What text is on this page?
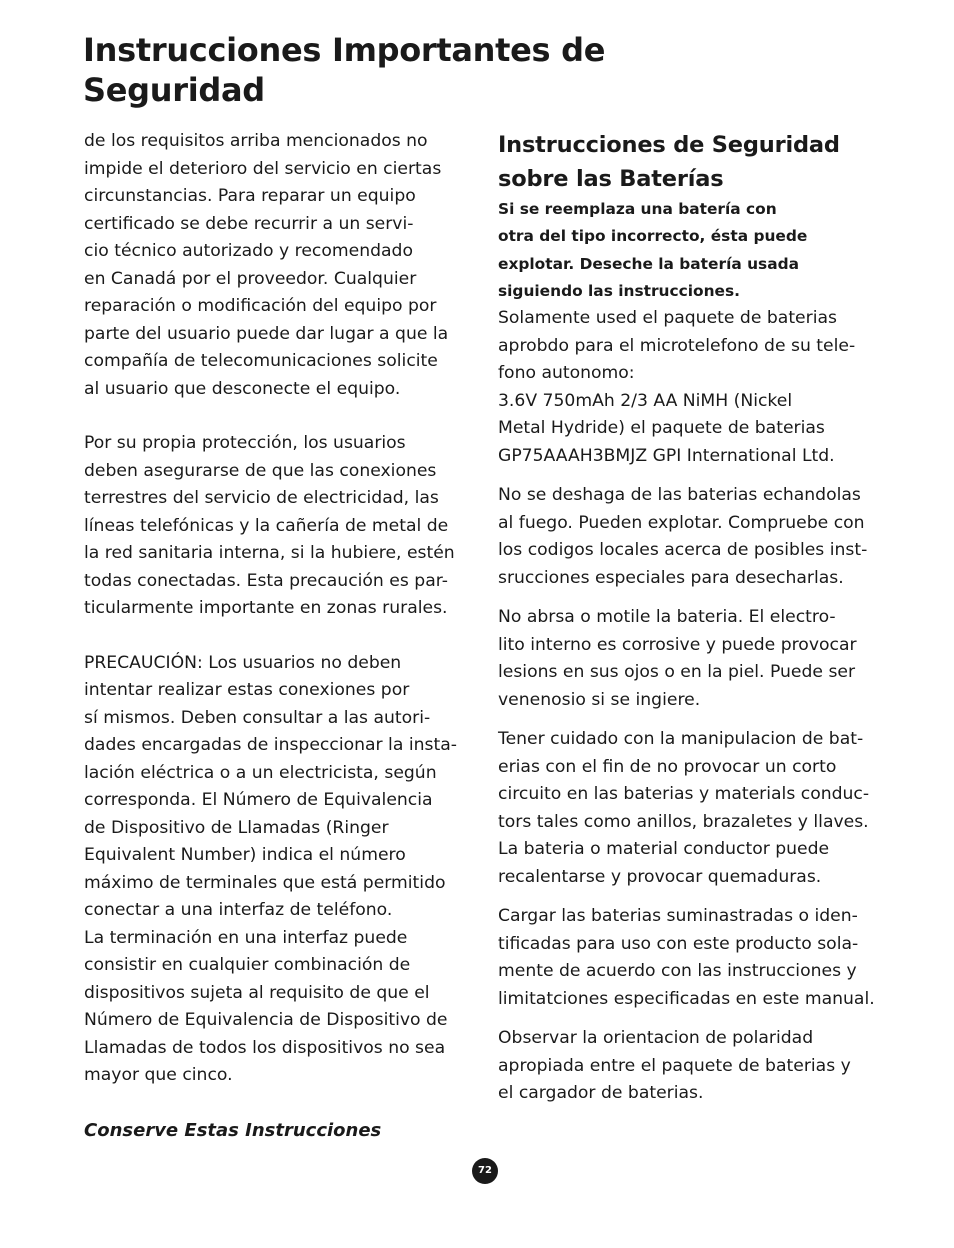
Instrucciones Importantes de
Seguridad

de los requisitos arriba mencionados no
impide el deterioro del servicio en ciertas
circunstancias. Para reparar un equipo
certificado se debe recurrir a un servi-
cio técnico autorizado y recomendado
en Canadá por el proveedor. Cualquier
reparación o modificación del equipo por
parte del usuario puede dar lugar a que la
compañía de telecomunicaciones solicite
al usuario que desconecte el equipo.

Por su propia protección, los usuarios
deben asegurarse de que las conexiones
terrestres del servicio de electricidad, las
líneas telefónicas y la cañería de metal de
la red sanitaria interna, si la hubiere, estén
todas conectadas. Esta precaución es par-
ticularmente importante en zonas rurales.

PRECAUCIÓN: Los usuarios no deben
intentar realizar estas conexiones por
sí mismos. Deben consultar a las autori-
dades encargadas de inspeccionar la insta-
lación eléctrica o a un electricista, según
corresponda. El Número de Equivalencia
de Dispositivo de Llamadas (Ringer
Equivalent Number) indica el número
máximo de terminales que está permitido
conectar a una interfaz de teléfono.
La terminación en una interfaz puede
consistir en cualquier combinación de
dispositivos sujeta al requisito de que el
Número de Equivalencia de Dispositivo de
Llamadas de todos los dispositivos no sea
mayor que cinco.

Conserve Estas Instrucciones

Instrucciones de Seguridad
sobre las Baterías

Si se reemplaza una batería con
otra del tipo incorrecto, ésta puede
explotar. Deseche la batería usada
siguiendo las instrucciones.

Solamente used el paquete de baterias
aprobdo para el microtelefono de su tele-
fono autonomo:
3.6V 750mAh 2/3 AA NiMH (Nickel
Metal Hydride) el paquete de baterias
GP75AAAH3BMJZ GPI International Ltd.

No se deshaga de las baterias echandolas
al fuego. Pueden explotar. Compruebe con
los codigos locales acerca de posibles inst-
srucciones especiales para desecharlas.

No abrsa o motile la bateria. El electro-
lito interno es corrosive y puede provocar
lesions en sus ojos o en la piel. Puede ser
venenosio si se ingiere.

Tener cuidado con la manipulacion de bat-
erias con el fin de no provocar un corto
circuito en las baterias y materials conduc-
tors tales como anillos, brazaletes y llaves.
La bateria o material conductor puede
recalentarse y provocar quemaduras.

Cargar las baterias suminastradas o iden-
tificadas para uso con este producto sola-
mente de acuerdo con las instrucciones y
limitatciones especificadas en este manual.

Observar la orientacion de polaridad
apropiada entre el paquete de baterias y
el cargador de baterias.

72
